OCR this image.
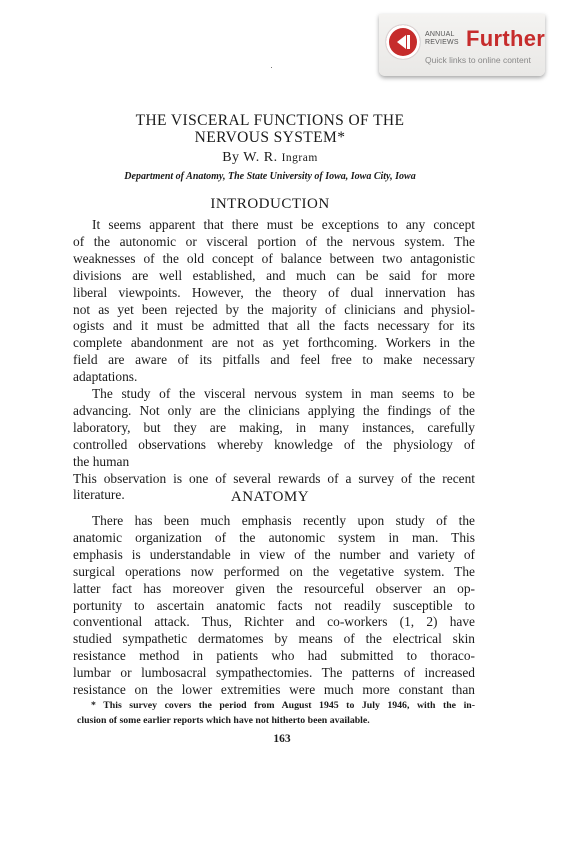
ANNUAL
REVIEWS Further
Quick links to online content
THE VISCERAL FUNCTIONS OF THE
NERVOUS SYSTEM*
By W. R. Ingram
Department of Anatomy, The State University of Iowa, Iowa City, Iowa
INTRODUCTION
It seems apparent that there must be exceptions to any concept
of the autonomic or visceral portion of the nervous system. The
weaknesses of the old concept of balance between two antagonistic
divisions are well established, and much can be said for more
liberal viewpoints. However, the theory of dual innervation has
not as yet been rejected by the majority of clinicians and physiol-
ogists and it must be admitted that all the facts necessary for its
complete abandonment are not as yet forthcoming. Workers in the
field are aware of its pitfalls and feel free to make necessary
adaptations.
The study of the visceral nervous system in man seems to be
advancing. Not only are the clinicians applying the findings of the
laboratory, but they are making, in many instances, carefully
controlled observations whereby knowledge of the physiology of
the human
This observation is one of several rewards of a survey of the recent
literature.	ANATOMY
There has been much emphasis recently upon study of the
anatomic organization of the autonomic system in man. This
emphasis is understandable in view of the number and variety of
surgical operations now performed on the vegetative system. The
latter fact has moreover given the resourceful observer an op-
portunity to ascertain anatomic facts not readily susceptible to
conventional attack. Thus, Richter and co-workers (1, 2) have
studied sympathetic dermatomes by means of the electrical skin
resistance method in patients who had submitted to thoraco-
lumbar or lumbosacral sympathectomies. The patterns of increased
resistance on the lower extremities were much more constant than
* This survey covers the period from August 1945 to July 1946, with the in-
clusion of some earlier reports which have not hitherto been available.
163
